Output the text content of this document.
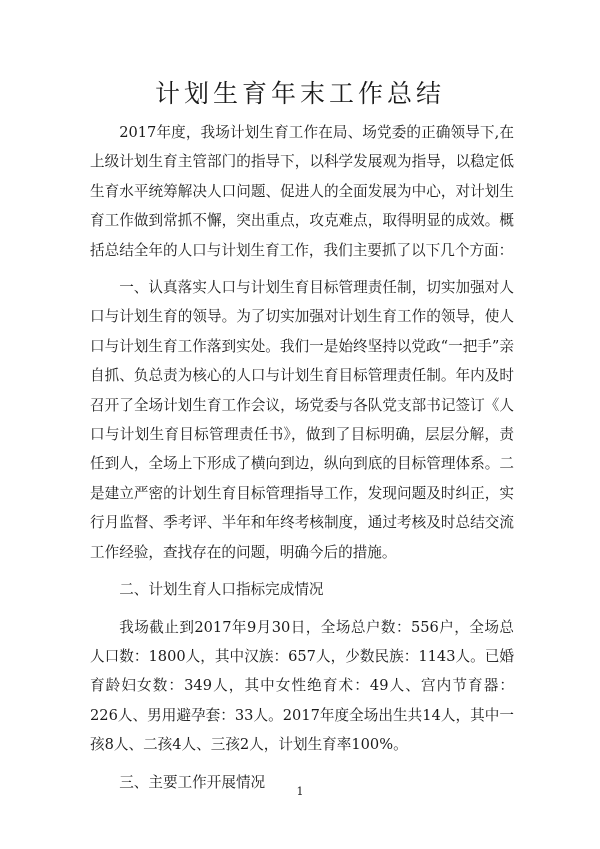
计划生育年末工作总结

2017年度，我场计划生育工作在局、场党委的正确领导下,在上级计划生育主管部门的指导下，以科学发展观为指导，以稳定低生育水平统筹解决人口问题、促进人的全面发展为中心，对计划生育工作做到常抓不懈，突出重点，攻克难点，取得明显的成效。概括总结全年的人口与计划生育工作，我们主要抓了以下几个方面：

一、认真落实人口与计划生育目标管理责任制，切实加强对人口与计划生育的领导。为了切实加强对计划生育工作的领导，使人口与计划生育工作落到实处。我们一是始终坚持以党政“一把手”亲自抓、负总责为核心的人口与计划生育目标管理责任制。年内及时召开了全场计划生育工作会议，场党委与各队党支部书记签订《人口与计划生育目标管理责任书》，做到了目标明确，层层分解，责任到人，全场上下形成了横向到边，纵向到底的目标管理体系。二是建立严密的计划生育目标管理指导工作，发现问题及时纠正，实行月监督、季考评、半年和年终考核制度，通过考核及时总结交流工作经验，查找存在的问题，明确今后的措施。

二、计划生育人口指标完成情况

我场截止到2017年9月30日，全场总户数：556户，全场总人口数：1800人，其中汉族：657人，少数民族：1143人。已婚育龄妇女数：349人，其中女性绝育术：49人、宫内节育器：226人、男用避孕套：33人。2017年度全场出生共14人，其中一孩8人、二孩4人、三孩2人，计划生育率100%。

三、主要工作开展情况

1
